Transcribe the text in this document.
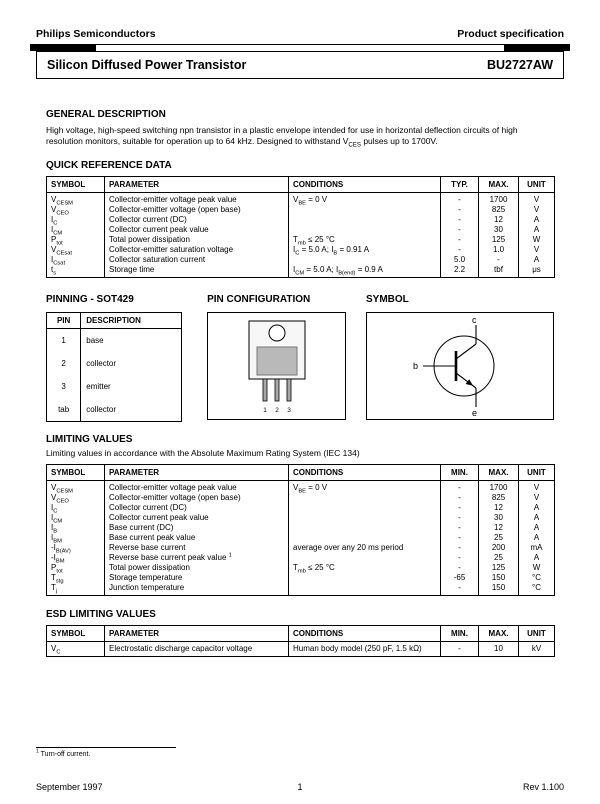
Philips Semiconductors	Product specification
Silicon Diffused Power Transistor	BU2727AW
GENERAL DESCRIPTION

High voltage, high-speed switching npn transistor in a plastic envelope intended for use in horizontal deflection circuits of high resolution monitors, suitable for operation up to 64 kHz. Designed to withstand $V_{CES}$ pulses up to 1700V.

QUICK REFERENCE DATA
SYMBOL	PARAMETER	CONDITIONS	TYP.	MAX.	UNIT
$V_{CESM}$	Collector-emitter voltage peak value	$V_{BE} = 0$ V	-	1700	V
$V_{CEO}$	Collector-emitter voltage (open base)		-	825	V
$I_C$	Collector current (DC)		-	12	A
$I_{CM}$	Collector current peak value		-	30	A
$P_{tot}$	Total power dissipation	$T_{mb} \le 25$ °C	-	125	W
$V_{CEsat}$	Collector-emitter saturation voltage	$I_C = 5.0$ A; $I_B = 0.91$ A	-	1.0	V
$I_{Csat}$	Collector saturation current		5.0	-	A
$t_s$	Storage time	$I_{CM} = 5.0$ A; $I_{B(end)} = 0.9$ A	2.2	tbf	μs
PINNING - SOT429
PIN	DESCRIPTION
1	base
2	collector
3	emitter
tab	collector
PIN CONFIGURATION
1 2 3
SYMBOL
b
c
e
LIMITING VALUES

Limiting values in accordance with the Absolute Maximum Rating System (IEC 134)

SYMBOL	PARAMETER	CONDITIONS	MIN.	MAX.	UNIT
$V_{CESM}$	Collector-emitter voltage peak value	$V_{BE} = 0$ V	-	1700	V
$V_{CEO}$	Collector-emitter voltage (open base)		-	825	V
$I_C$	Collector current (DC)		-	12	A
$I_{CM}$	Collector current peak value		-	30	A
$I_B$	Base current (DC)		-	12	A
$I_{BM}$	Base current peak value		-	25	A
$-I_{B(AV)}$	Reverse base current	average over any 20 ms period	-	200	mA
$-I_{BM}$	Reverse base current peak value $^1$		-	25	A
$P_{tot}$	Total power dissipation	$T_{mb} \le 25$ °C	-	125	W
$T_{stg}$	Storage temperature		-65	150	°C
$T_j$	Junction temperature		-	150	°C
ESD LIMITING VALUES
SYMBOL	PARAMETER	CONDITIONS	MIN.	MAX.	UNIT
$V_C$	Electrostatic discharge capacitor voltage	Human body model (250 pF, 1.5 kΩ)	-	10	kV

$^1$ Turn-off current.

September 1997	1	Rev 1.100
